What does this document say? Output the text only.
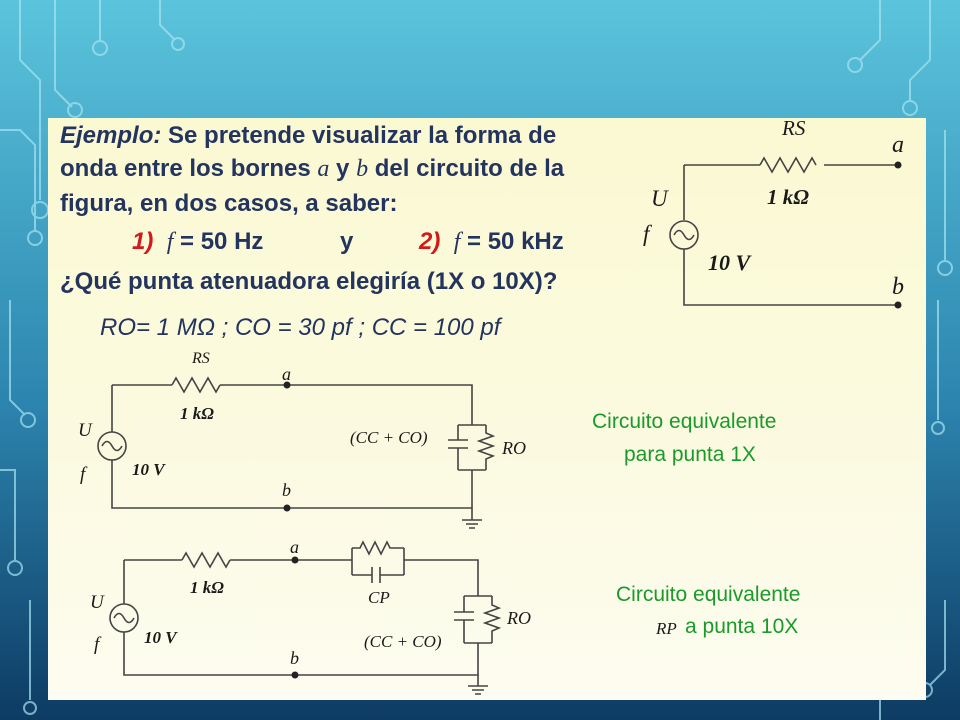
Ejemplo: Se pretende visualizar la forma de
onda entre los bornes a y b del circuito de la
figura, en dos casos, a saber:
1) f = 50 Hz	y	2) f = 50 kHz
¿Qué punta atenuadora elegiría (1X o 10X)?
RO= 1 MΩ ; CO = 30 pf ; CC = 100 pf
RS
a
1 kΩ
U
f
10 V
b
RS
a
1 kΩ
U	(CC + CO)
RO
10 V
f
b
Circuito equivalente
para punta 1X
a
1 kΩ
CP
U
RO
10 V	(CC + CO)
f
b
Circuito equivalente
RP a punta 10X
